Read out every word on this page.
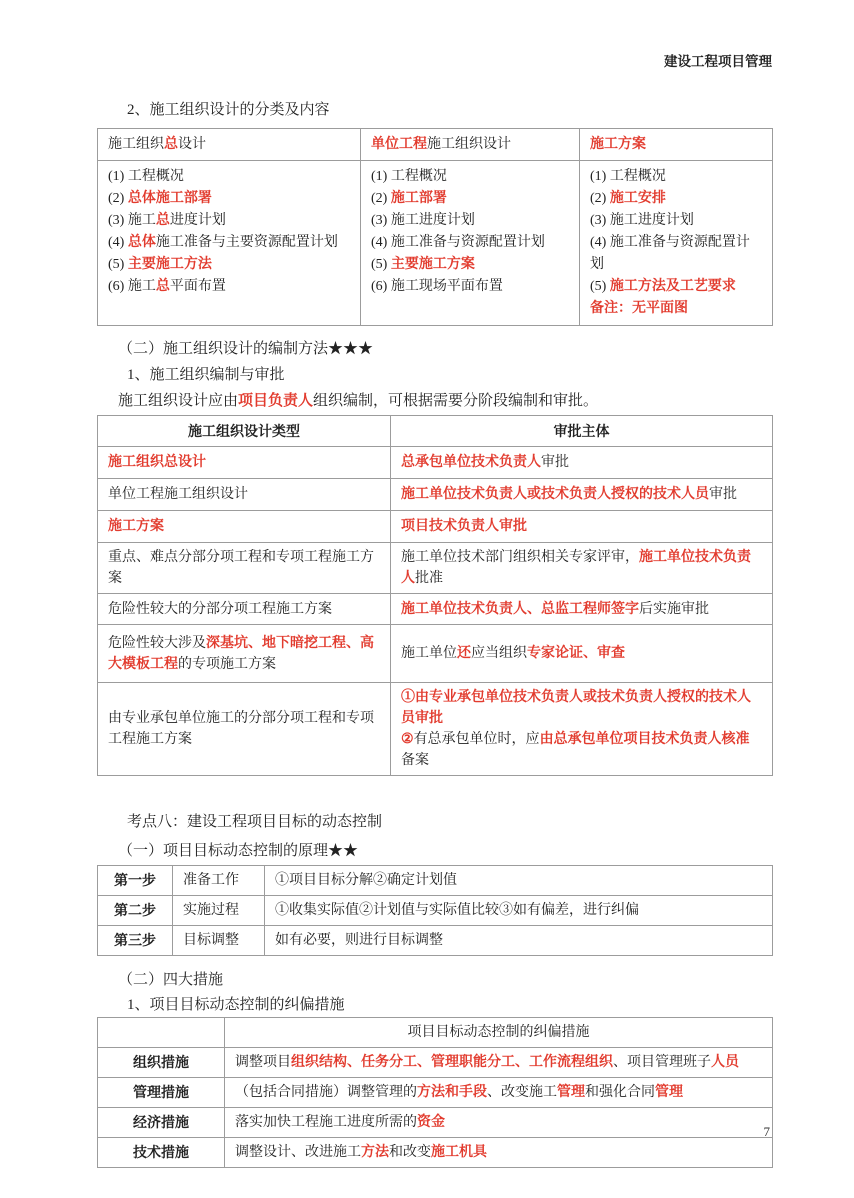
建设工程项目管理
2、施工组织设计的分类及内容
施工组织总设计	单位工程施工组织设计	施工方案
(1) 工程概况
(2) 总体施工部署
(3) 施工总进度计划
(4) 总体施工准备与主要资源配置计划
(5) 主要施工方法
(6) 施工总平面布置	(1) 工程概况
(2) 施工部署
(3) 施工进度计划
(4) 施工准备与资源配置计划
(5) 主要施工方案
(6) 施工现场平面布置	(1) 工程概况
(2) 施工安排
(3) 施工进度计划
(4) 施工准备与资源配置计划
(5) 施工方法及工艺要求
备注：无平面图
（二）施工组织设计的编制方法★★★
1、施工组织编制与审批
施工组织设计应由项目负责人组织编制，可根据需要分阶段编制和审批。
施工组织设计类型	审批主体
施工组织总设计	总承包单位技术负责人审批
单位工程施工组织设计	施工单位技术负责人或技术负责人授权的技术人员审批
施工方案	项目技术负责人审批
重点、难点分部分项工程和专项工程施工方案	施工单位技术部门组织相关专家评审，施工单位技术负责人批准
危险性较大的分部分项工程施工方案	施工单位技术负责人、总监工程师签字后实施审批
危险性较大涉及深基坑、地下暗挖工程、高大模板工程的专项施工方案	施工单位还应当组织专家论证、审查
由专业承包单位施工的分部分项工程和专项工程施工方案	①由专业承包单位技术负责人或技术负责人授权的技术人员审批
②有总承包单位时，应由总承包单位项目技术负责人核准备案
考点八：建设工程项目目标的动态控制
（一）项目目标动态控制的原理★★
第一步	准备工作	①项目目标分解②确定计划值
第二步	实施过程	①收集实际值②计划值与实际值比较③如有偏差，进行纠偏
第三步	目标调整	如有必要，则进行目标调整
（二）四大措施
1、项目目标动态控制的纠偏措施
	项目目标动态控制的纠偏措施
组织措施	调整项目组织结构、任务分工、管理职能分工、工作流程组织、项目管理班子人员
管理措施	（包括合同措施）调整管理的方法和手段、改变施工管理和强化合同管理
经济措施	落实加快工程施工进度所需的资金
技术措施	调整设计、改进施工方法和改变施工机具
7
